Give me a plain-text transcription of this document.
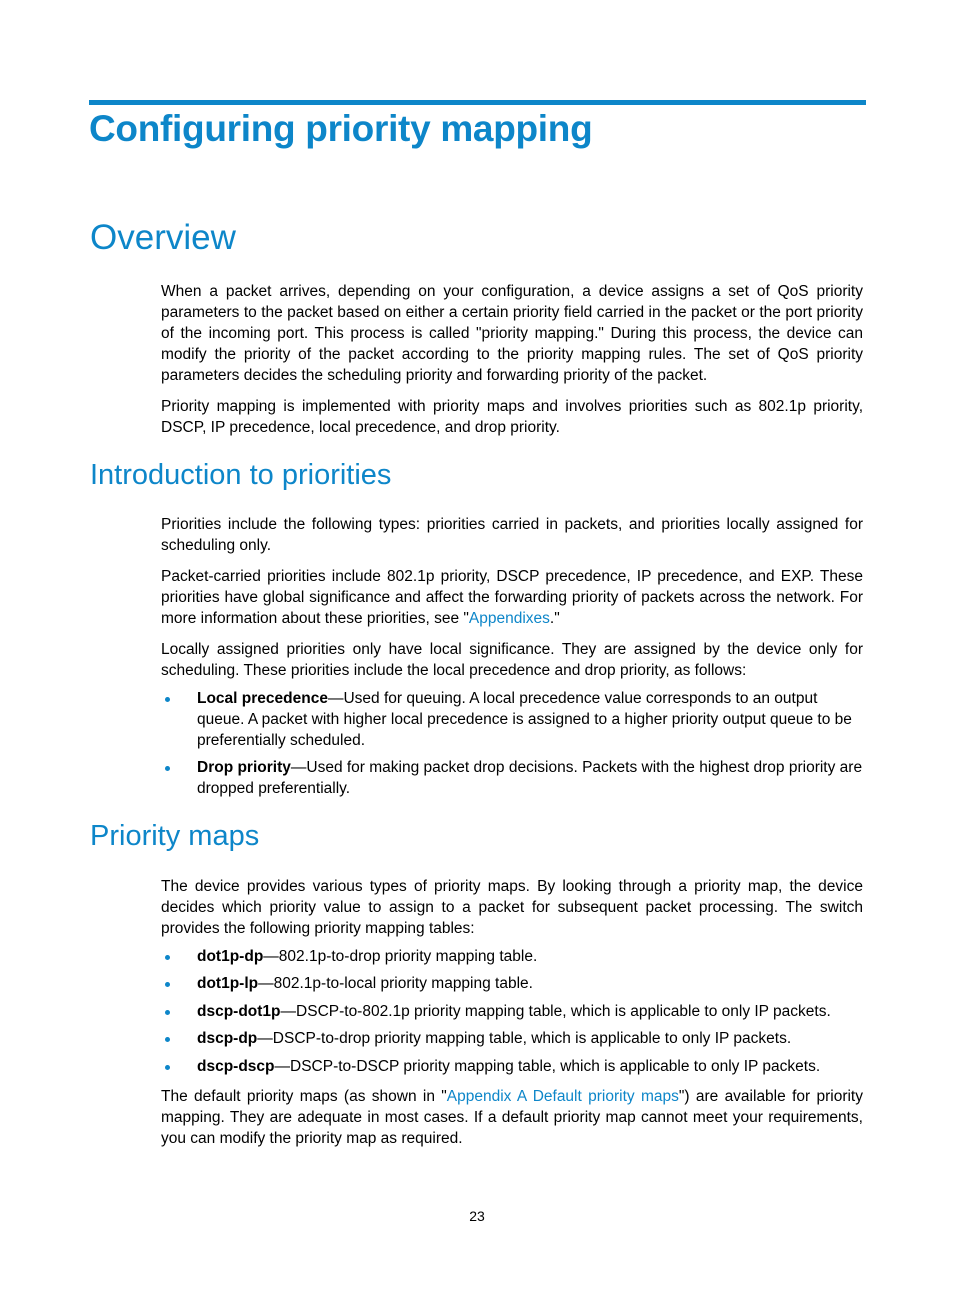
Configuring priority mapping
Overview

When a packet arrives, depending on your configuration, a device assigns a set of QoS priority parameters to the packet based on either a certain priority field carried in the packet or the port priority of the incoming port. This process is called "priority mapping." During this process, the device can modify the priority of the packet according to the priority mapping rules. The set of QoS priority parameters decides the scheduling priority and forwarding priority of the packet.

Priority mapping is implemented with priority maps and involves priorities such as 802.1p priority, DSCP, IP precedence, local precedence, and drop priority.

Introduction to priorities

Priorities include the following types: priorities carried in packets, and priorities locally assigned for scheduling only.

Packet-carried priorities include 802.1p priority, DSCP precedence, IP precedence, and EXP. These priorities have global significance and affect the forwarding priority of packets across the network. For more information about these priorities, see "Appendixes."

Locally assigned priorities only have local significance. They are assigned by the device only for scheduling. These priorities include the local precedence and drop priority, as follows:

Local precedence—Used for queuing. A local precedence value corresponds to an output queue. A packet with higher local precedence is assigned to a higher priority output queue to be preferentially scheduled.
Drop priority—Used for making packet drop decisions. Packets with the highest drop priority are dropped preferentially.
Priority maps

The device provides various types of priority maps. By looking through a priority map, the device decides which priority value to assign to a packet for subsequent packet processing. The switch provides the following priority mapping tables:

dot1p-dp—802.1p-to-drop priority mapping table.
dot1p-lp—802.1p-to-local priority mapping table.
dscp-dot1p—DSCP-to-802.1p priority mapping table, which is applicable to only IP packets.
dscp-dp—DSCP-to-drop priority mapping table, which is applicable to only IP packets.
dscp-dscp—DSCP-to-DSCP priority mapping table, which is applicable to only IP packets.

The default priority maps (as shown in "Appendix A Default priority maps") are available for priority mapping. They are adequate in most cases. If a default priority map cannot meet your requirements, you can modify the priority map as required.

23
